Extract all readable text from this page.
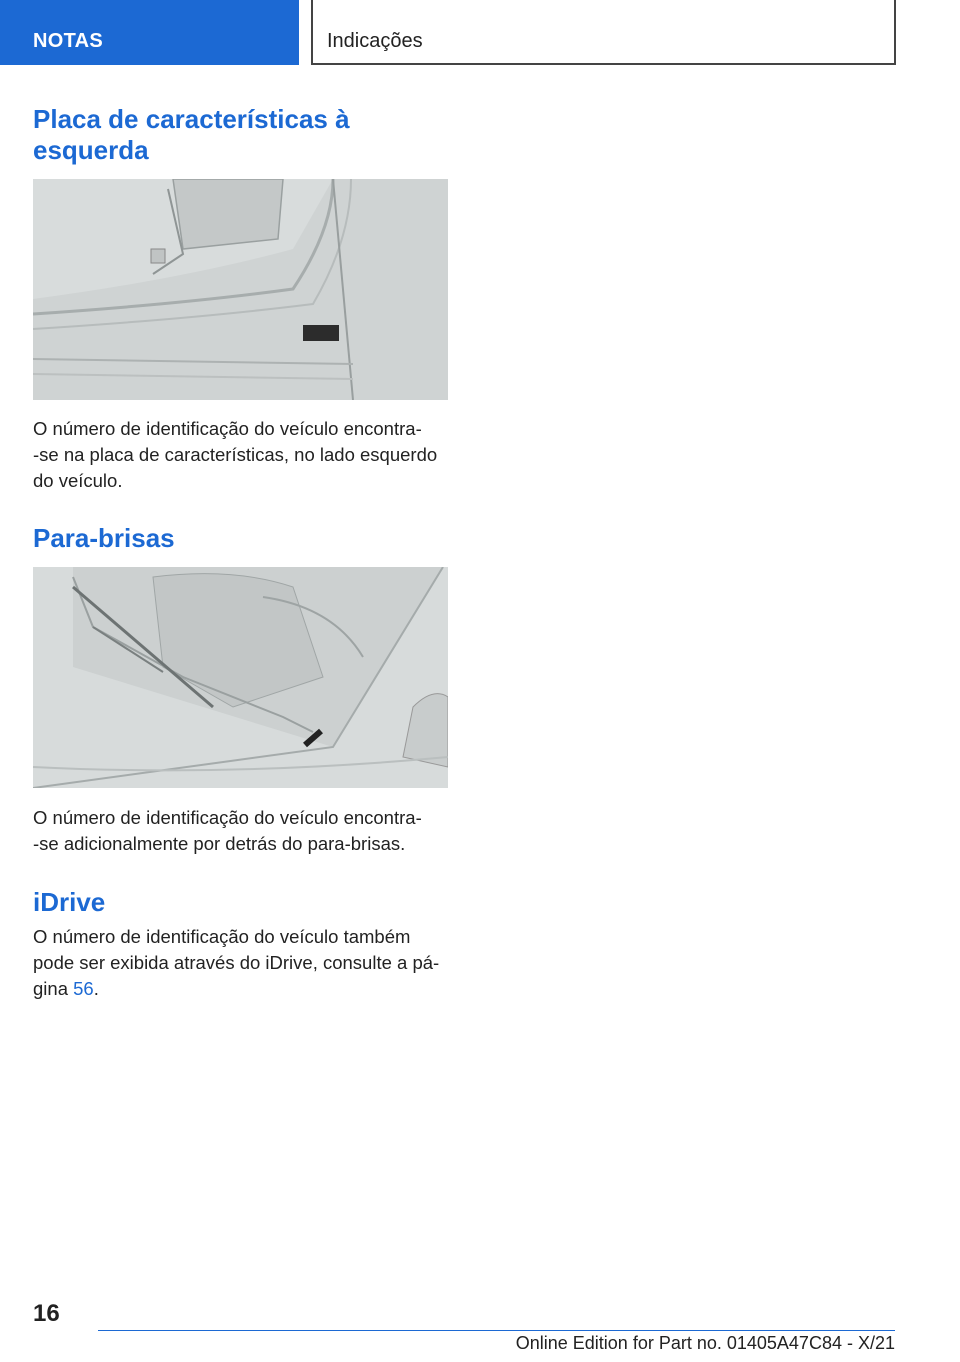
NOTAS	Indicações
Placa de características à
esquerda

O número de identificação do veículo encontra-
-se na placa de características, no lado esquerdo
do veículo.

Para-brisas

O número de identificação do veículo encontra-
-se adicionalmente por detrás do para-brisas.

iDrive

O número de identificação do veículo também
pode ser exibida através do iDrive, consulte a pá-
gina 56.

16
Online Edition for Part no. 01405A47C84 - X/21
